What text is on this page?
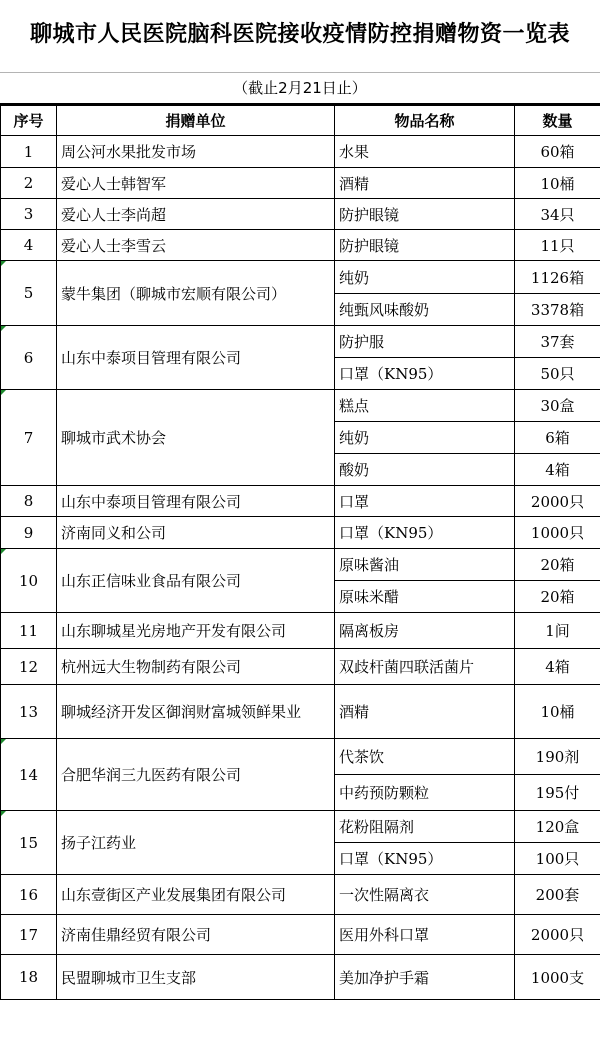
聊城市人民医院脑科医院接收疫情防控捐赠物资一览表
（截止2月21日止）
序号	捐赠单位	物品名称	数量
1	周公河水果批发市场	水果	60箱
2	爱心人士韩智军	酒精	10桶
3	爱心人士李尚超	防护眼镜	34只
4	爱心人士李雪云	防护眼镜	11只
5	蒙牛集团（聊城市宏顺有限公司）	纯奶	1126箱
		纯甄风味酸奶	3378箱
6	山东中泰项目管理有限公司	防护服	37套
		口罩（KN95）	50只
7	聊城市武术协会	糕点	30盒
		纯奶	6箱
		酸奶	4箱
8	山东中泰项目管理有限公司	口罩	2000只
9	济南同义和公司	口罩（KN95）	1000只
10	山东正信味业食品有限公司	原味酱油	20箱
		原味米醋	20箱
11	山东聊城星光房地产开发有限公司	隔离板房	1间
12	杭州远大生物制药有限公司	双歧杆菌四联活菌片	4箱
13	聊城经济开发区御润财富城领鲜果业	酒精	10桶
14	合肥华润三九医药有限公司	代茶饮	190剂
		中药预防颗粒	195付
15	扬子江药业	花粉阻隔剂	120盒
		口罩（KN95）	100只
16	山东壹街区产业发展集团有限公司	一次性隔离衣	200套
17	济南佳鼎经贸有限公司	医用外科口罩	2000只
18	民盟聊城市卫生支部	美加净护手霜	1000支
